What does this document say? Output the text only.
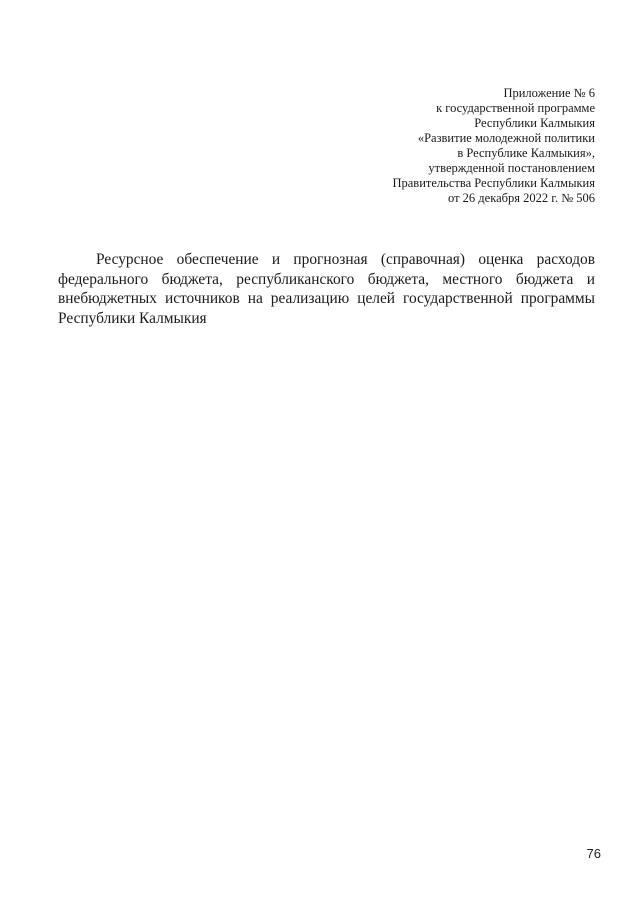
Приложение № 6
к государственной программе
Республики Калмыкия
«Развитие молодежной политики
в Республике Калмыкия»,
утвержденной постановлением
Правительства Республики Калмыкия
от 26 декабря 2022 г. № 506

Ресурсное обеспечение и прогнозная (справочная) оценка расходов федерального бюджета, республиканского бюджета, местного бюджета и внебюджетных источников на реализацию целей государственной программы Республики Калмыкия

76
